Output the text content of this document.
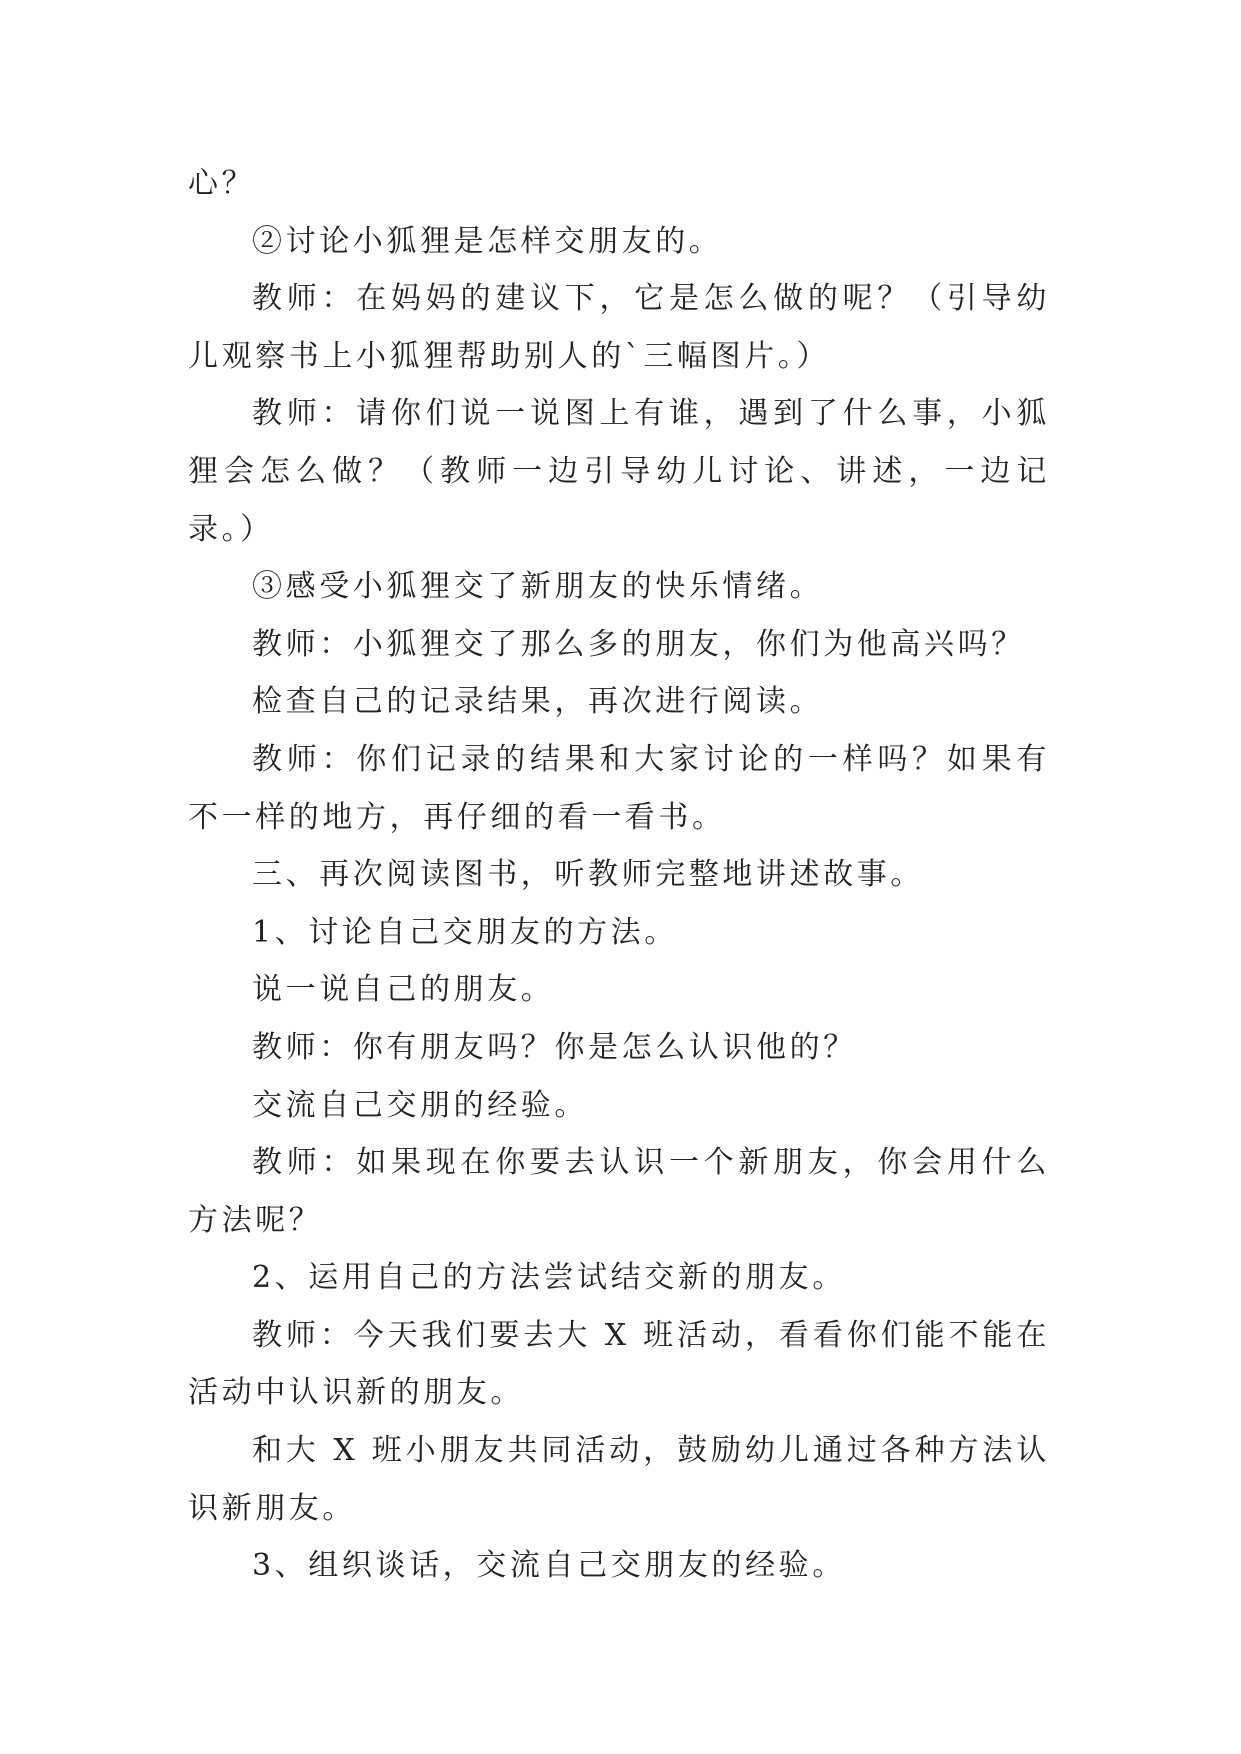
心？

②讨论小狐狸是怎样交朋友的。

教师：在妈妈的建议下，它是怎么做的呢？（引导幼儿观察书上小狐狸帮助别人的`三幅图片。）

教师：请你们说一说图上有谁，遇到了什么事，小狐狸会怎么做？（教师一边引导幼儿讨论、讲述，一边记录。）

③感受小狐狸交了新朋友的快乐情绪。

教师：小狐狸交了那么多的朋友，你们为他高兴吗？

检查自己的记录结果，再次进行阅读。

教师：你们记录的结果和大家讨论的一样吗？如果有不一样的地方，再仔细的看一看书。

三、再次阅读图书，听教师完整地讲述故事。

1、讨论自己交朋友的方法。

说一说自己的朋友。

教师：你有朋友吗？你是怎么认识他的？

交流自己交朋的经验。

教师：如果现在你要去认识一个新朋友，你会用什么方法呢？

2、运用自己的方法尝试结交新的朋友。

教师：今天我们要去大 X 班活动，看看你们能不能在活动中认识新的朋友。

和大 X 班小朋友共同活动，鼓励幼儿通过各种方法认识新朋友。

3、组织谈话，交流自己交朋友的经验。
